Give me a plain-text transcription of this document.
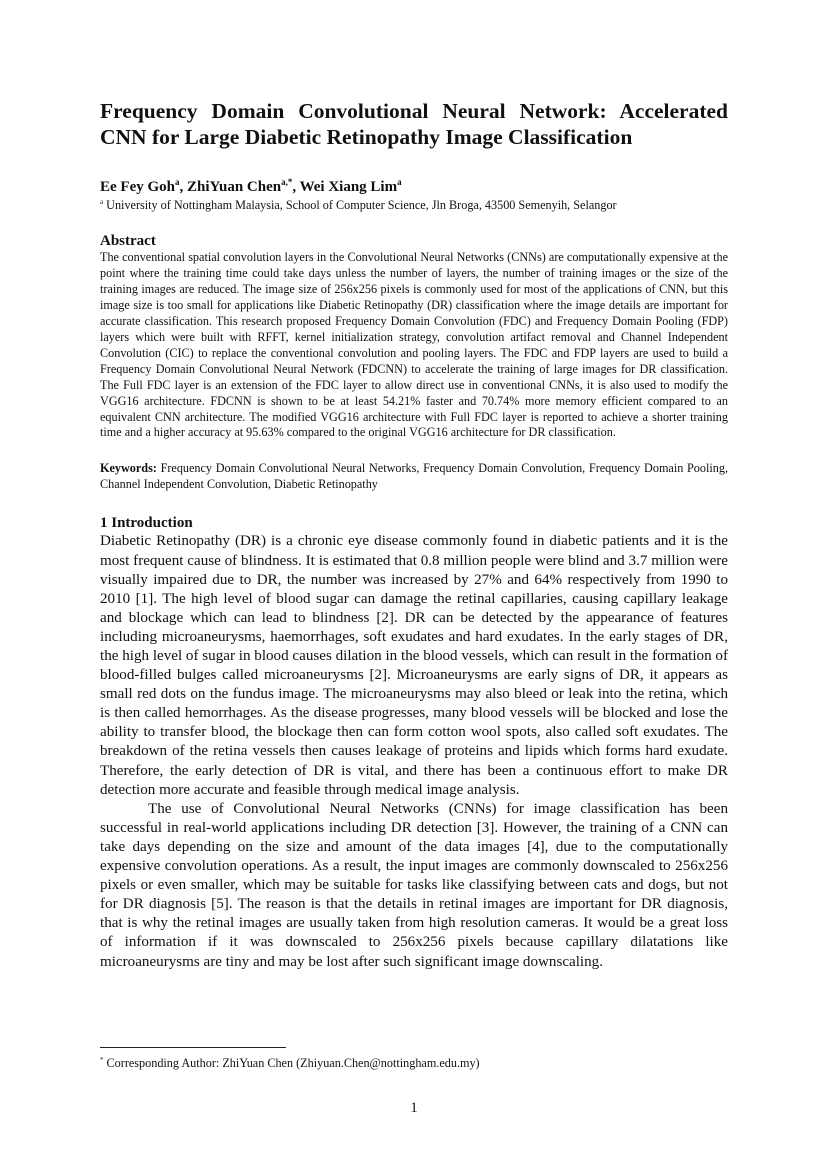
Frequency Domain Convolutional Neural Network: Accelerated CNN for Large Diabetic Retinopathy Image Classification
Ee Fey Goh$^a$, ZhiYuan Chen$^{a,*}$, Wei Xiang Lim$^a$
$^a$ University of Nottingham Malaysia, School of Computer Science, Jln Broga, 43500 Semenyih, Selangor
Abstract

The conventional spatial convolution layers in the Convolutional Neural Networks (CNNs) are computationally expensive at the point where the training time could take days unless the number of layers, the number of training images or the size of the training images are reduced. The image size of 256x256 pixels is commonly used for most of the applications of CNN, but this image size is too small for applications like Diabetic Retinopathy (DR) classification where the image details are important for accurate classification. This research proposed Frequency Domain Convolution (FDC) and Frequency Domain Pooling (FDP) layers which were built with RFFT, kernel initialization strategy, convolution artifact removal and Channel Independent Convolution (CIC) to replace the conventional convolution and pooling layers. The FDC and FDP layers are used to build a Frequency Domain Convolutional Neural Network (FDCNN) to accelerate the training of large images for DR classification. The Full FDC layer is an extension of the FDC layer to allow direct use in conventional CNNs, it is also used to modify the VGG16 architecture. FDCNN is shown to be at least 54.21% faster and 70.74% more memory efficient compared to an equivalent CNN architecture. The modified VGG16 architecture with Full FDC layer is reported to achieve a shorter training time and a higher accuracy at 95.63% compared to the original VGG16 architecture for DR classification.

Keywords: Frequency Domain Convolutional Neural Networks, Frequency Domain Convolution, Frequency Domain Pooling, Channel Independent Convolution, Diabetic Retinopathy
1 Introduction

Diabetic Retinopathy (DR) is a chronic eye disease commonly found in diabetic patients and it is the most frequent cause of blindness. It is estimated that 0.8 million people were blind and 3.7 million were visually impaired due to DR, the number was increased by 27% and 64% respectively from 1990 to 2010 [1]. The high level of blood sugar can damage the retinal capillaries, causing capillary leakage and blockage which can lead to blindness [2]. DR can be detected by the appearance of features including microaneurysms, haemorrhages, soft exudates and hard exudates. In the early stages of DR, the high level of sugar in blood causes dilation in the blood vessels, which can result in the formation of blood-filled bulges called microaneurysms [2]. Microaneurysms are early signs of DR, it appears as small red dots on the fundus image. The microaneurysms may also bleed or leak into the retina, which is then called hemorrhages. As the disease progresses, many blood vessels will be blocked and lose the ability to transfer blood, the blockage then can form cotton wool spots, also called soft exudates. The breakdown of the retina vessels then causes leakage of proteins and lipids which forms hard exudate. Therefore, the early detection of DR is vital, and there has been a continuous effort to make DR detection more accurate and feasible through medical image analysis.

The use of Convolutional Neural Networks (CNNs) for image classification has been successful in real-world applications including DR detection [3]. However, the training of a CNN can take days depending on the size and amount of the data images [4], due to the computationally expensive convolution operations. As a result, the input images are commonly downscaled to 256x256 pixels or even smaller, which may be suitable for tasks like classifying between cats and dogs, but not for DR diagnosis [5]. The reason is that the details in retinal images are important for DR diagnosis, that is why the retinal images are usually taken from high resolution cameras. It would be a great loss of information if it was downscaled to 256x256 pixels because capillary dilatations like microaneurysms are tiny and may be lost after such significant image downscaling.

* Corresponding Author: ZhiYuan Chen (Zhiyuan.Chen@nottingham.edu.my)
1
